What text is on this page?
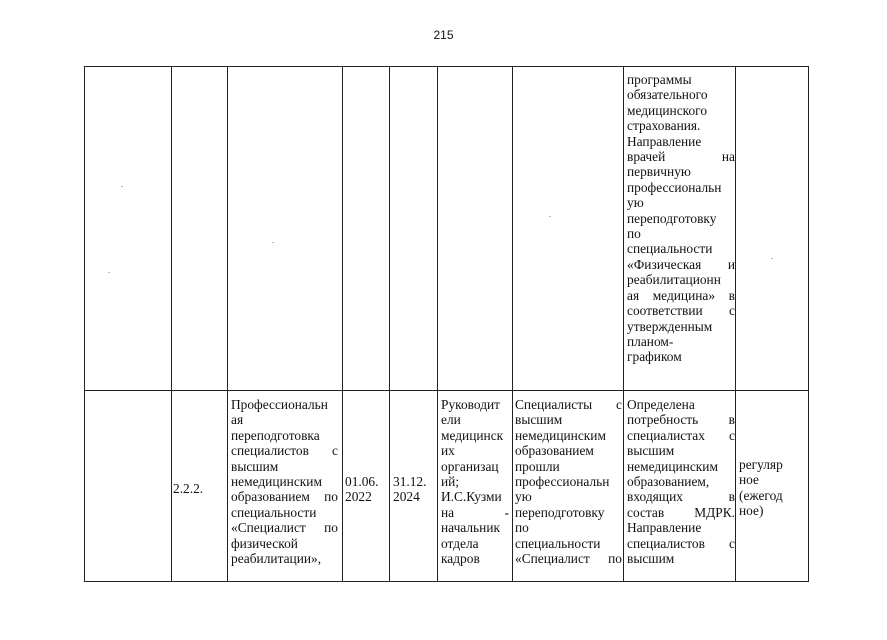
215
программы
обязательного
медицинского
страхования.
Направление
врачей на
первичную
профессиональн
ую
переподготовку
по
специальности
«Физическая и
реабилитационн
ая медицина» в
соответствии с
утвержденным
планом-
графиком
2.2.2.
Профессиональн
ая
переподготовка
специалистов с
высшим
немедицинским
образованием по
специальности
«Специалист по
физической
реабилитации»,
01.06.
2022
31.12.
2024
Руководит
ели
медицинск
их
организац
ий;
И.С.Кузми
на -
начальник
отдела
кадров
Специалисты с
высшим
немедицинским
образованием
прошли
профессиональн
ую
переподготовку
по
специальности
«Специалист по
Определена
потребность в
специалистах с
высшим
немедицинским
образованием,
входящих в
состав МДРК.
Направление
специалистов с
высшим
регуляр
ное
(ежегод
ное)
